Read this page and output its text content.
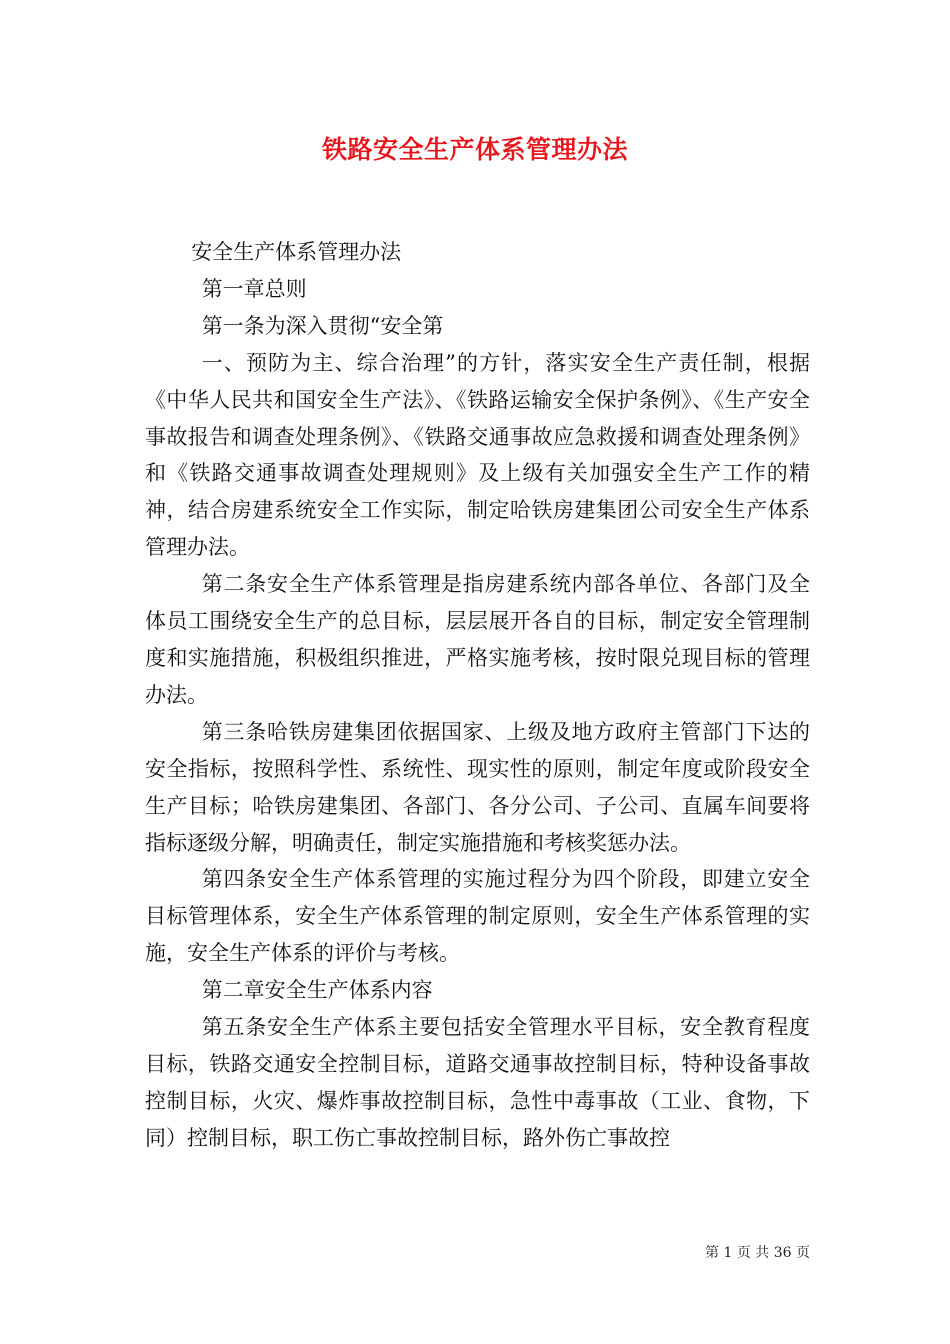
铁路安全生产体系管理办法

安全生产体系管理办法

第一章总则

第一条为深入贯彻“安全第

一、预防为主、综合治理”的方针，落实安全生产责任制，根据《中华人民共和国安全生产法》、《铁路运输安全保护条例》、《生产安全事故报告和调查处理条例》、《铁路交通事故应急救援和调查处理条例》和《铁路交通事故调查处理规则》及上级有关加强安全生产工作的精神，结合房建系统安全工作实际，制定哈铁房建集团公司安全生产体系管理办法。

第二条安全生产体系管理是指房建系统内部各单位、各部门及全体员工围绕安全生产的总目标，层层展开各自的目标，制定安全管理制度和实施措施，积极组织推进，严格实施考核，按时限兑现目标的管理办法。

第三条哈铁房建集团依据国家、上级及地方政府主管部门下达的安全指标，按照科学性、系统性、现实性的原则，制定年度或阶段安全生产目标；哈铁房建集团、各部门、各分公司、子公司、直属车间要将指标逐级分解，明确责任，制定实施措施和考核奖惩办法。

第四条安全生产体系管理的实施过程分为四个阶段，即建立安全目标管理体系，安全生产体系管理的制定原则，安全生产体系管理的实施，安全生产体系的评价与考核。

第二章安全生产体系内容

第五条安全生产体系主要包括安全管理水平目标，安全教育程度目标，铁路交通安全控制目标，道路交通事故控制目标，特种设备事故控制目标，火灾、爆炸事故控制目标，急性中毒事故（工业、食物，下同）控制目标，职工伤亡事故控制目标，路外伤亡事故控

第 1 页 共 36 页
